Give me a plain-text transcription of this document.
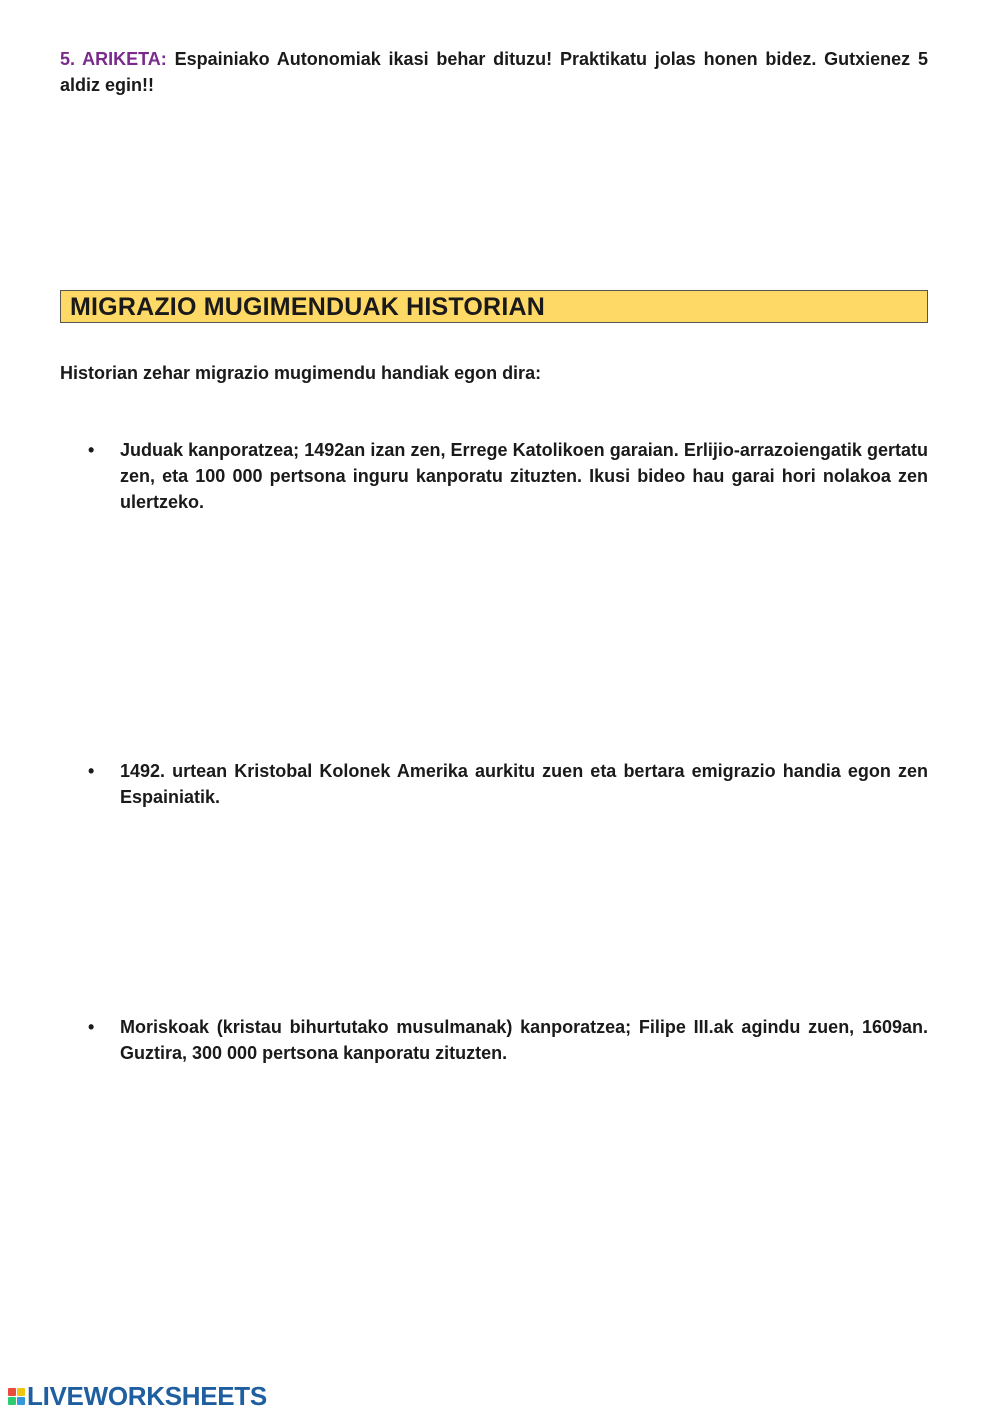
5. ARIKETA: Espainiako Autonomiak ikasi behar dituzu! Praktikatu jolas honen bidez. Gutxienez 5 aldiz egin!!
MIGRAZIO MUGIMENDUAK HISTORIAN
Historian zehar migrazio mugimendu handiak egon dira:
• Juduak kanporatzea; 1492an izan zen, Errege Katolikoen garaian. Erlijio-arrazoiengatik gertatu zen, eta 100 000 pertsona inguru kanporatu zituzten. Ikusi bideo hau garai hori nolakoa zen ulertzeko.
• 1492. urtean Kristobal Kolonek Amerika aurkitu zuen eta bertara emigrazio handia egon zen Espainiatik.
• Moriskoak (kristau bihurtutako musulmanak) kanporatzea; Filipe III.ak agindu zuen, 1609an. Guztira, 300 000 pertsona kanporatu zituzten.
LIVEWORKSHEETS
